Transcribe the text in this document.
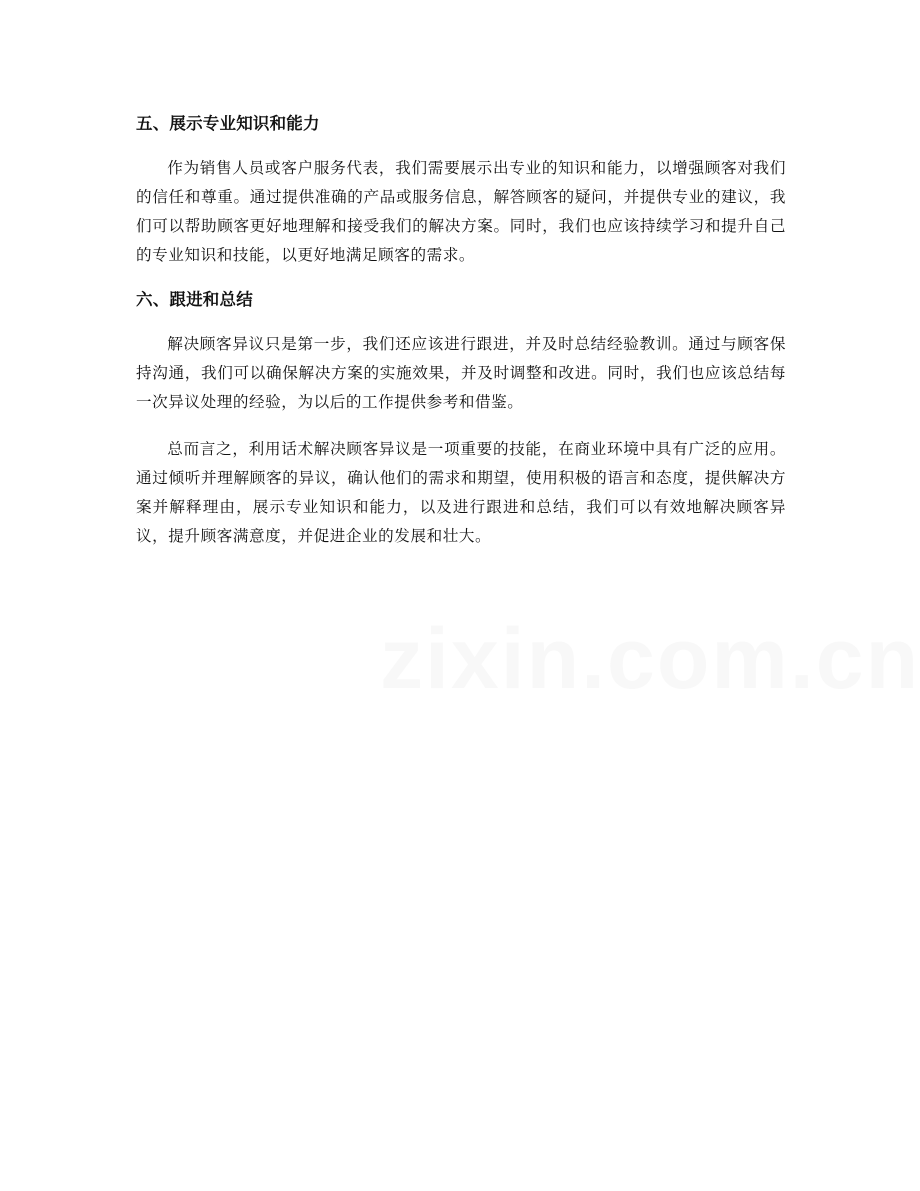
五、展示专业知识和能力

作为销售人员或客户服务代表，我们需要展示出专业的知识和能力，以增强顾客对我们的信任和尊重。通过提供准确的产品或服务信息，解答顾客的疑问，并提供专业的建议，我们可以帮助顾客更好地理解和接受我们的解决方案。同时，我们也应该持续学习和提升自己的专业知识和技能，以更好地满足顾客的需求。

六、跟进和总结

解决顾客异议只是第一步，我们还应该进行跟进，并及时总结经验教训。通过与顾客保持沟通，我们可以确保解决方案的实施效果，并及时调整和改进。同时，我们也应该总结每一次异议处理的经验，为以后的工作提供参考和借鉴。

总而言之，利用话术解决顾客异议是一项重要的技能，在商业环境中具有广泛的应用。通过倾听并理解顾客的异议，确认他们的需求和期望，使用积极的语言和态度，提供解决方案并解释理由，展示专业知识和能力，以及进行跟进和总结，我们可以有效地解决顾客异议，提升顾客满意度，并促进企业的发展和壮大。

zixin.com.cn
